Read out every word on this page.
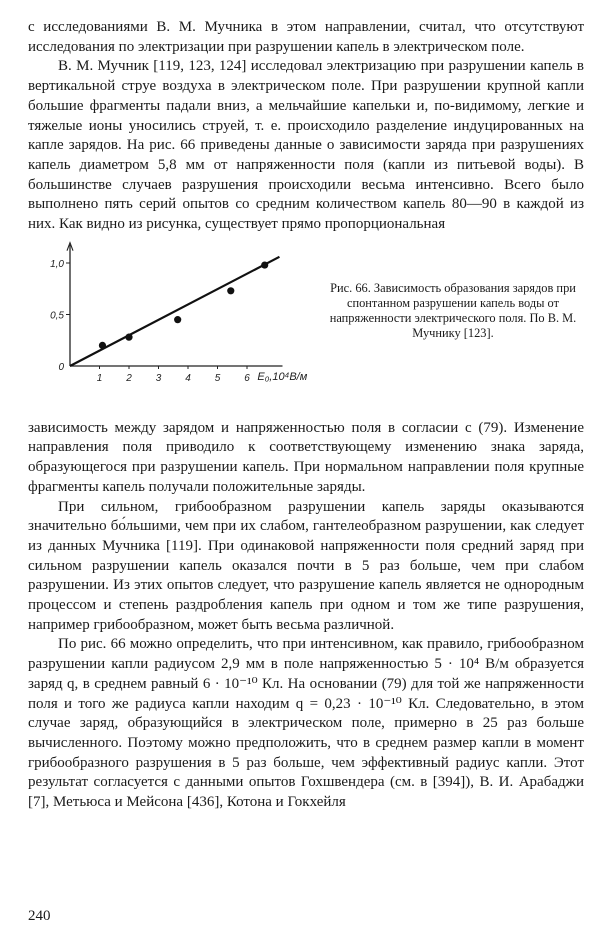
с исследованиями В. М. Мучника в этом направлении, считал, что отсутствуют исследования по электризации при разрушении капель в электрическом поле.

В. М. Мучник [119, 123, 124] исследовал электризацию при разрушении капель в вертикальной струе воздуха в электрическом поле. При разрушении крупной капли большие фрагменты падали вниз, а мельчайшие капельки и, по-видимому, легкие и тяжелые ионы уносились струей, т. е. происходило разделение индуцированных на капле зарядов. На рис. 66 приведены данные о зависимости заряда при разрушениях капель диаметром 5,8 мм от напряженности поля (капли из питьевой воды). В большинстве случаев разрушения происходили весьма интенсивно. Всего было выполнено пять серий опытов со средним количеством капель 80—90 в каждой из них. Как видно из рисунка, существует прямо пропорциональная

E₀,10⁴В/м
0
0,5
1,0
1 2 3 4 5 6
Рис. 66. Зависимость образования зарядов при спонтанном разрушении капель воды от напряженности электрического поля. По В. М. Мучнику [123].

зависимость между зарядом и напряженностью поля в согласии с (79). Изменение направления поля приводило к соответствующему изменению знака заряда, образующегося при разрушении капель. При нормальном направлении поля крупные фрагменты капель получали положительные заряды.

При сильном, грибообразном разрушении капель заряды оказываются значительно бо́льшими, чем при их слабом, гантелеобразном разрушении, как следует из данных Мучника [119]. При одинаковой напряженности поля средний заряд при сильном разрушении капель оказался почти в 5 раз больше, чем при слабом разрушении. Из этих опытов следует, что разрушение капель является не однородным процессом и степень раздробления капель при одном и том же типе разрушения, например грибообразном, может быть весьма различной.

По рис. 66 можно определить, что при интенсивном, как правило, грибообразном разрушении капли радиусом 2,9 мм в поле напряженностью 5 · 10⁴ В/м образуется заряд q, в среднем равный 6 · 10⁻¹⁰ Кл. На основании (79) для той же напряженности поля и того же радиуса капли находим q = 0,23 · 10⁻¹⁰ Кл. Следовательно, в этом случае заряд, образующийся в электрическом поле, примерно в 25 раз больше вычисленного. Поэтому можно предположить, что в среднем размер капли в момент грибообразного разрушения в 5 раз больше, чем эффективный радиус капли. Этот результат согласуется с данными опытов Гохшвендера (см. в [394]), В. И. Арабаджи [7], Метьюса и Мейсона [436], Котона и Гокхейля

240
